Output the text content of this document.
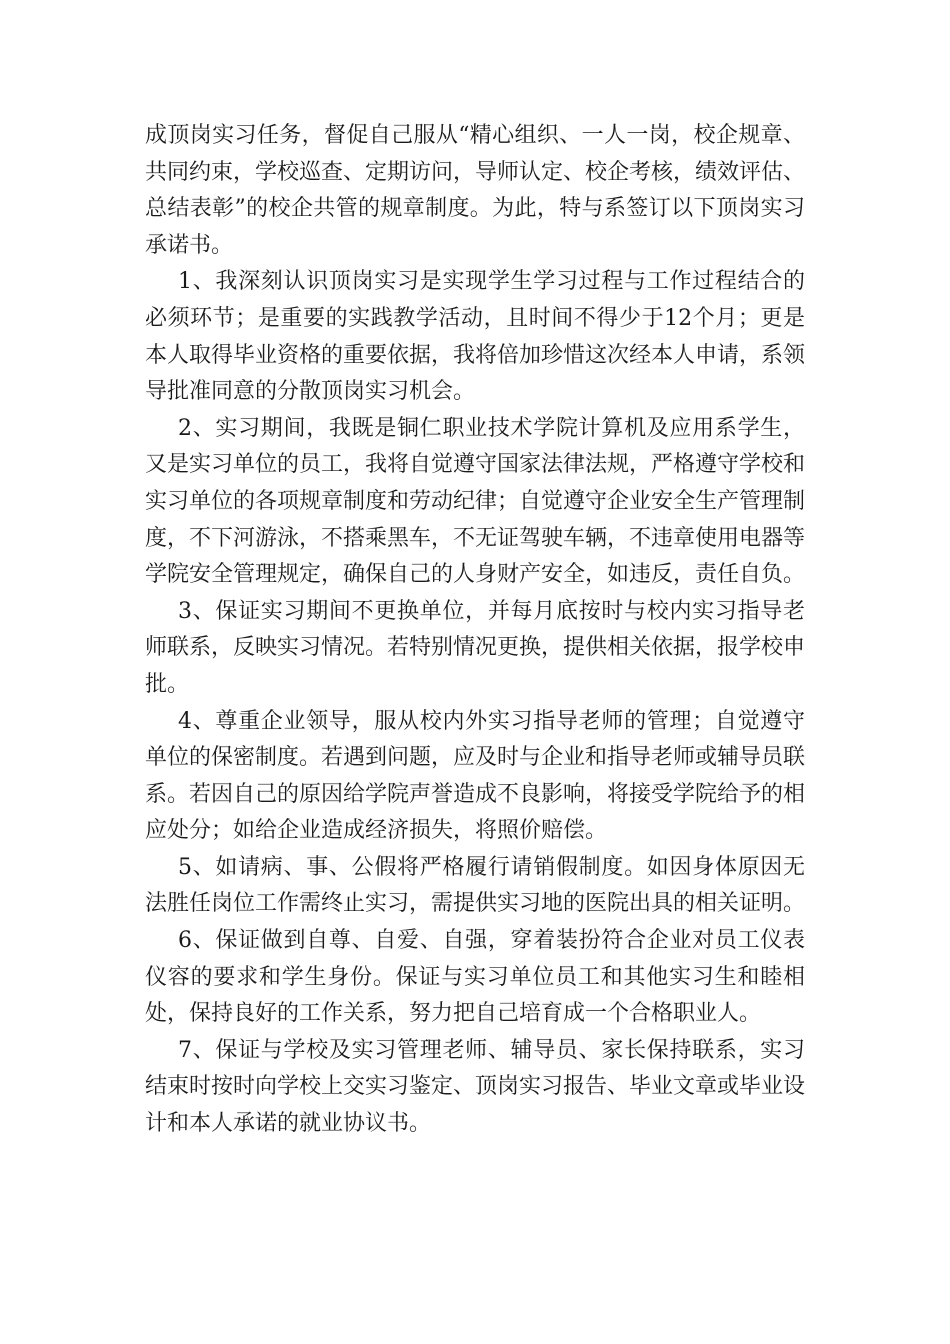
成顶岗实习任务，督促自己服从“精心组织、一人一岗，校企规章、共同约束，学校巡查、定期访问，导师认定、校企考核，绩效评估、总结表彰”的校企共管的规章制度。为此，特与系签订以下顶岗实习承诺书。

1、我深刻认识顶岗实习是实现学生学习过程与工作过程结合的必须环节；是重要的实践教学活动，且时间不得少于12个月；更是本人取得毕业资格的重要依据，我将倍加珍惜这次经本人申请，系领导批准同意的分散顶岗实习机会。

2、实习期间，我既是铜仁职业技术学院计算机及应用系学生，又是实习单位的员工，我将自觉遵守国家法律法规，严格遵守学校和实习单位的各项规章制度和劳动纪律；自觉遵守企业安全生产管理制度，不下河游泳，不搭乘黑车，不无证驾驶车辆，不违章使用电器等学院安全管理规定，确保自己的人身财产安全，如违反，责任自负。

3、保证实习期间不更换单位，并每月底按时与校内实习指导老师联系，反映实习情况。若特别情况更换，提供相关依据，报学校申批。

4、尊重企业领导，服从校内外实习指导老师的管理；自觉遵守单位的保密制度。若遇到问题，应及时与企业和指导老师或辅导员联系。若因自己的原因给学院声誉造成不良影响，将接受学院给予的相应处分；如给企业造成经济损失，将照价赔偿。

5、如请病、事、公假将严格履行请销假制度。如因身体原因无法胜任岗位工作需终止实习，需提供实习地的医院出具的相关证明。

6、保证做到自尊、自爱、自强，穿着装扮符合企业对员工仪表仪容的要求和学生身份。保证与实习单位员工和其他实习生和睦相处，保持良好的工作关系，努力把自己培育成一个合格职业人。

7、保证与学校及实习管理老师、辅导员、家长保持联系，实习结束时按时向学校上交实习鉴定、顶岗实习报告、毕业文章或毕业设计和本人承诺的就业协议书。
